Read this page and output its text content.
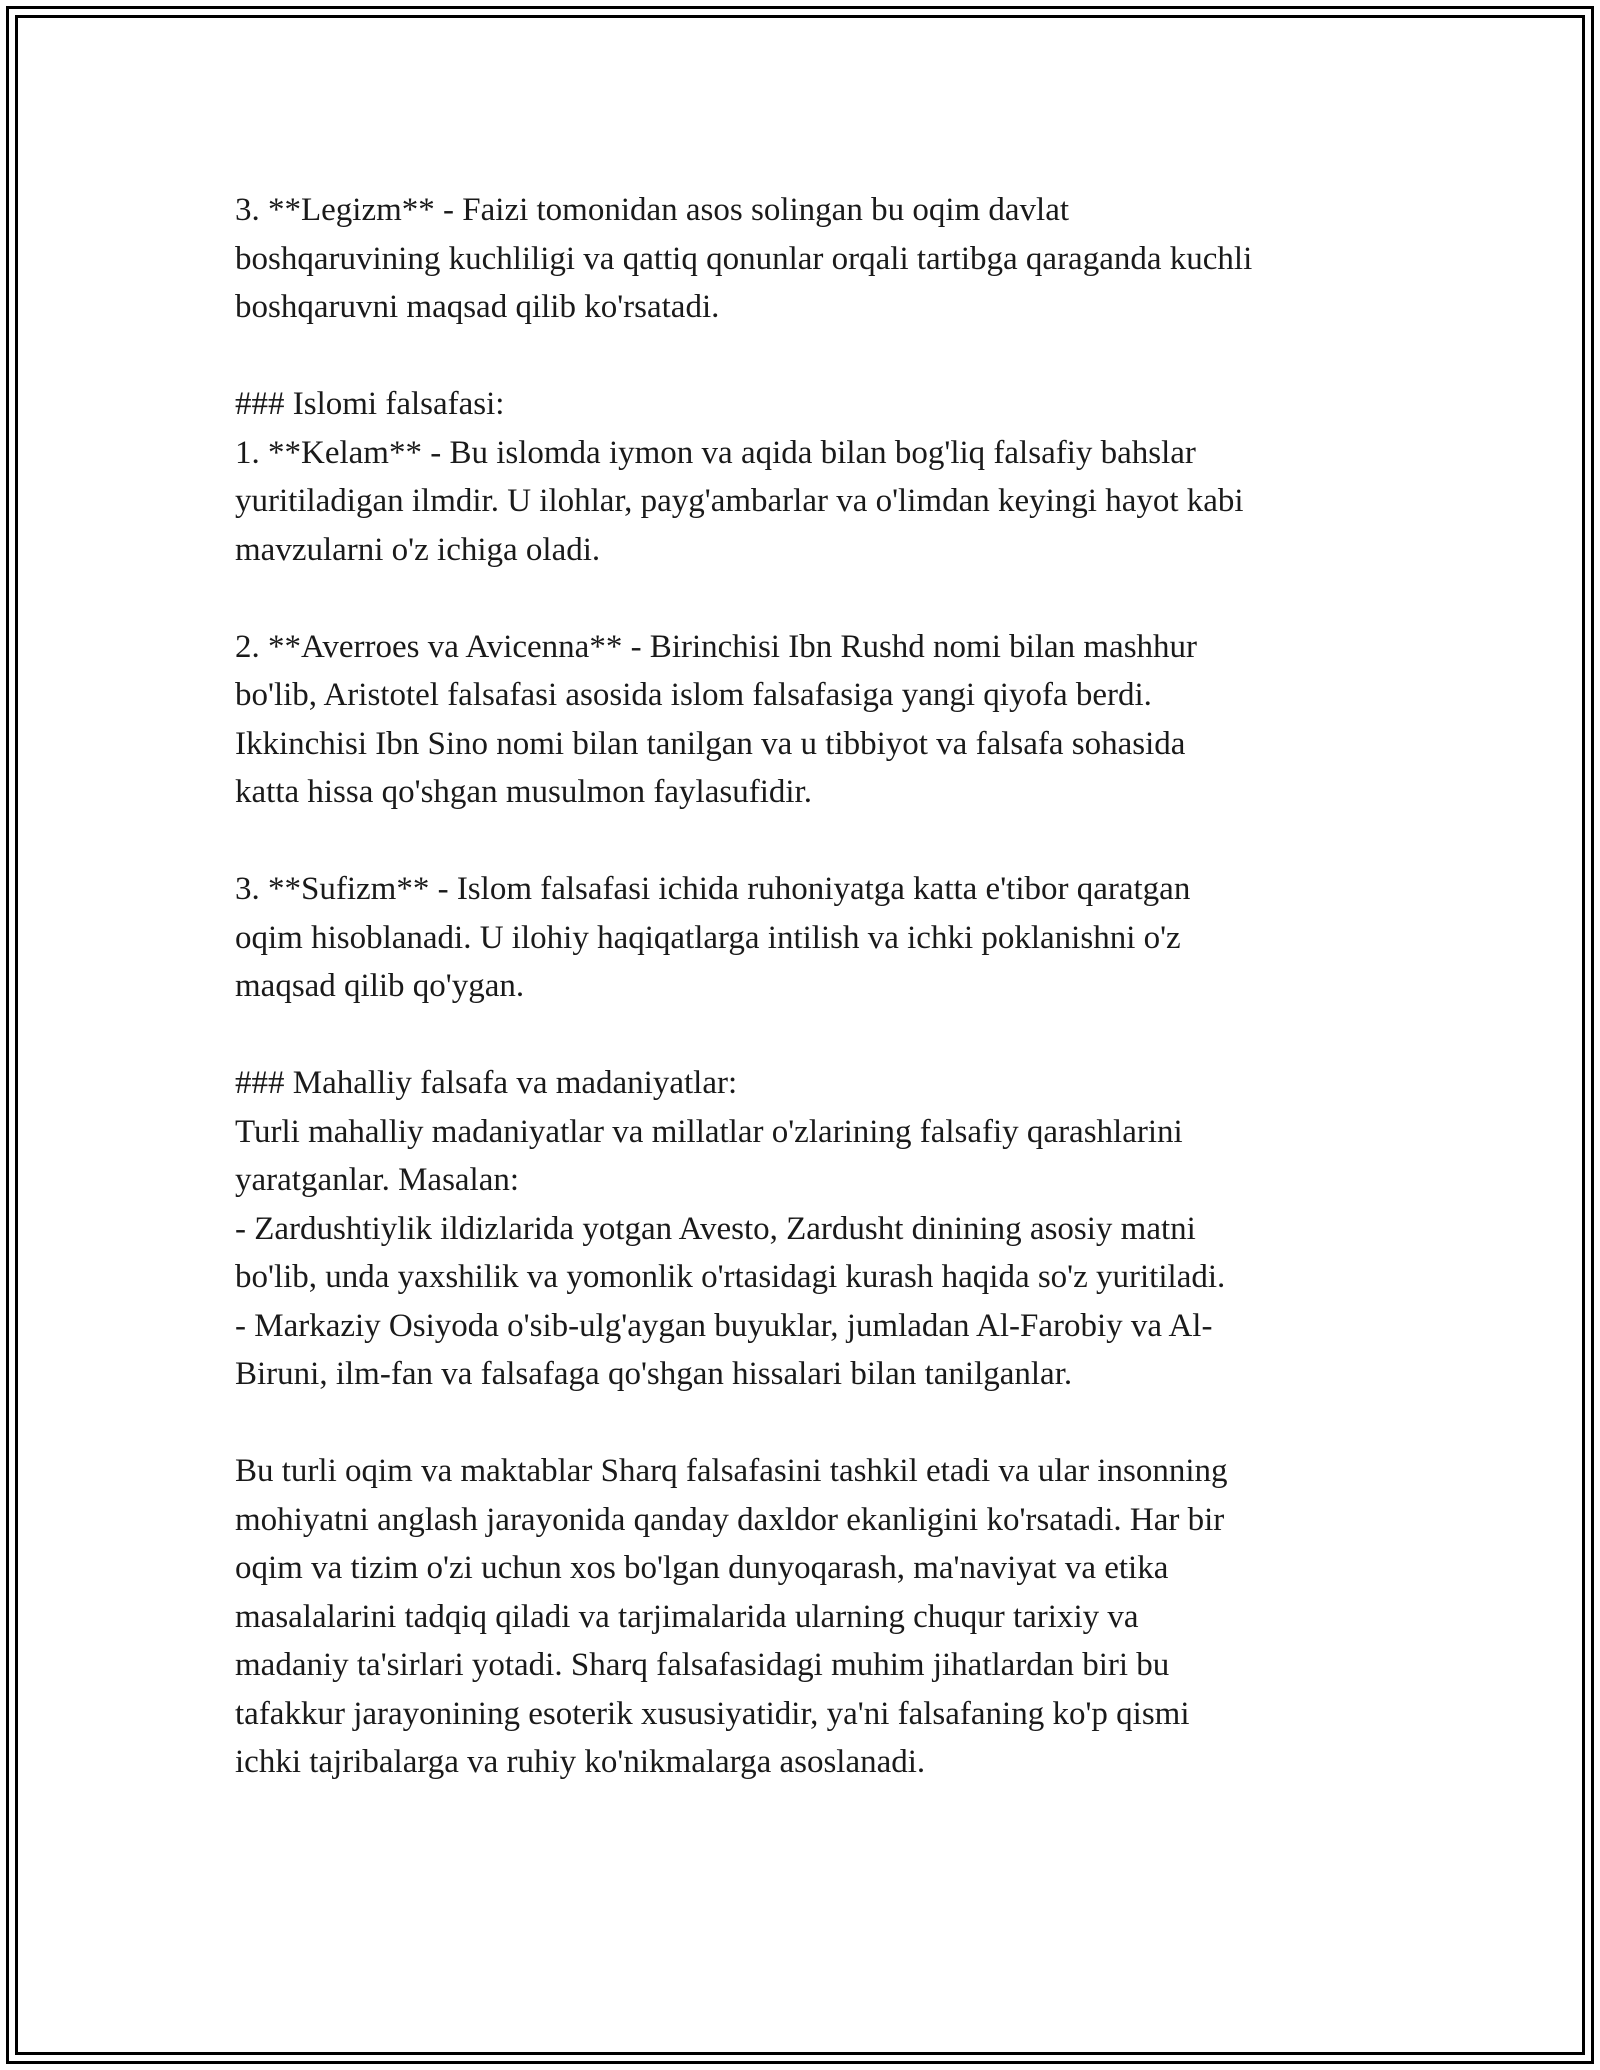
3. **Legizm** - Faizi tomonidan asos solingan bu oqim davlat
boshqaruvining kuchliligi va qattiq qonunlar orqali tartibga qaraganda kuchli
boshqaruvni maqsad qilib ko'rsatadi.

### Islomi falsafasi:
1. **Kelam** - Bu islomda iymon va aqida bilan bog'liq falsafiy bahslar
yuritiladigan ilmdir. U ilohlar, payg'ambarlar va o'limdan keyingi hayot kabi
mavzularni o'z ichiga oladi.

2. **Averroes va Avicenna** - Birinchisi Ibn Rushd nomi bilan mashhur
bo'lib, Aristotel falsafasi asosida islom falsafasiga yangi qiyofa berdi.
Ikkinchisi Ibn Sino nomi bilan tanilgan va u tibbiyot va falsafa sohasida
katta hissa qo'shgan musulmon faylasufidir.

3. **Sufizm** - Islom falsafasi ichida ruhoniyatga katta e'tibor qaratgan
oqim hisoblanadi. U ilohiy haqiqatlarga intilish va ichki poklanishni o'z
maqsad qilib qo'ygan.

### Mahalliy falsafa va madaniyatlar:
Turli mahalliy madaniyatlar va millatlar o'zlarining falsafiy qarashlarini
yaratganlar. Masalan:
- Zardushtiylik ildizlarida yotgan Avesto, Zardusht dinining asosiy matni
bo'lib, unda yaxshilik va yomonlik o'rtasidagi kurash haqida so'z yuritiladi.
- Markaziy Osiyoda o'sib-ulg'aygan buyuklar, jumladan Al-Farobiy va Al-
Biruni, ilm-fan va falsafaga qo'shgan hissalari bilan tanilganlar.

Bu turli oqim va maktablar Sharq falsafasini tashkil etadi va ular insonning
mohiyatni anglash jarayonida qanday daxldor ekanligini ko'rsatadi. Har bir
oqim va tizim o'zi uchun xos bo'lgan dunyoqarash, ma'naviyat va etika
masalalarini tadqiq qiladi va tarjimalarida ularning chuqur tarixiy va
madaniy ta'sirlari yotadi. Sharq falsafasidagi muhim jihatlardan biri bu
tafakkur jarayonining esoterik xususiyatidir, ya'ni falsafaning ko'p qismi
ichki tajribalarga va ruhiy ko'nikmalarga asoslanadi.
